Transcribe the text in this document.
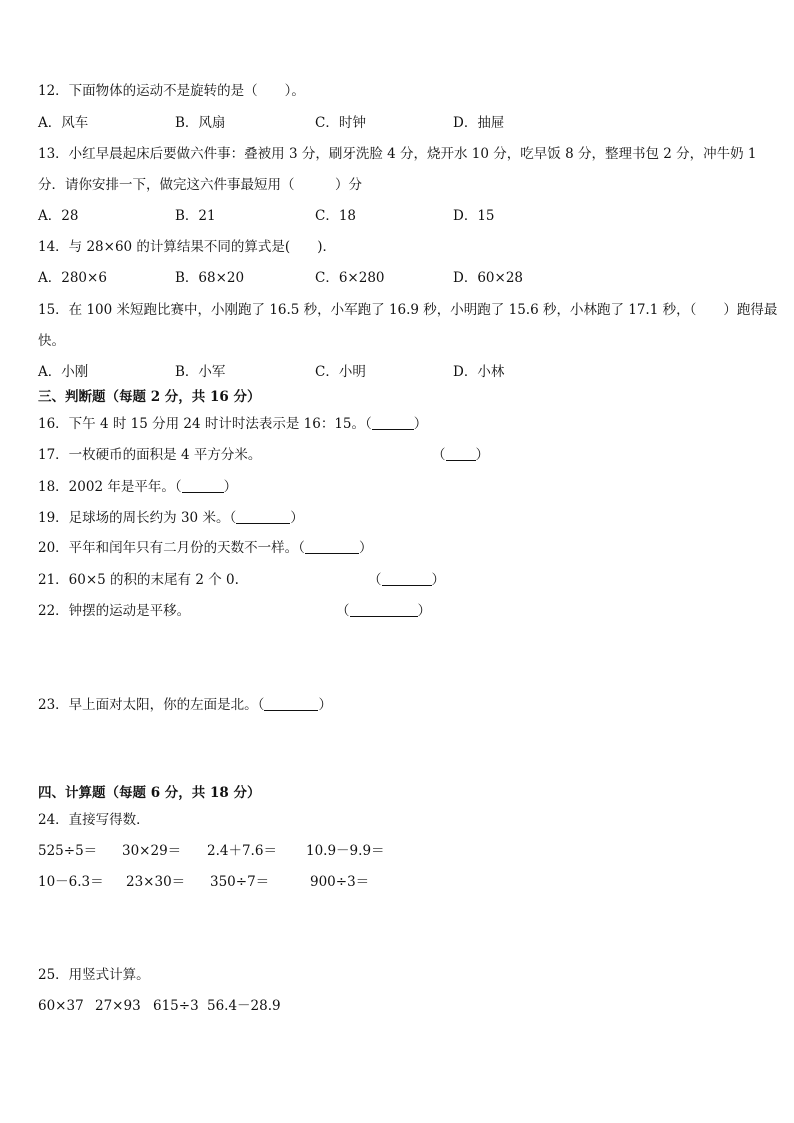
12．下面物体的运动不是旋转的是（　　）。
A．风车	B．风扇	C．时钟	D．抽屉
13．小红早晨起床后要做六件事：叠被用 3 分，刷牙洗脸 4 分，烧开水 10 分，吃早饭 8 分，整理书包 2 分，冲牛奶 1
分．请你安排一下，做完这六件事最短用（　　　）分
A．28	B．21	C．18	D．15
14．与 28×60 的计算结果不同的算式是(　　)．
A．280×6	B．68×20	C．6×280	D．60×28
15．在 100 米短跑比赛中，小刚跑了 16.5 秒，小军跑了 16.9 秒，小明跑了 15.6 秒，小林跑了 17.1 秒，（　　）跑得最
快。
A．小刚	B．小军	C．小明	D．小林
三、判断题（每题 2 分，共 16 分）
16．下午 4 时 15 分用 24 时计时法表示是 16：15。（	）
17．一枚硬币的面积是 4 平方分米。	（ ）
18．2002 年是平年。（	）
19．足球场的周长约为 30 米。（	）
20．平年和闰年只有二月份的天数不一样。（	）
21．60×5 的积的末尾有 2 个 0.	（	）
22．钟摆的运动是平移。	（	）
23．早上面对太阳，你的左面是北。（	）
四、计算题（每题 6 分，共 18 分）
24．直接写得数．
525÷5＝ 30×29＝ 2.4＋7.6＝ 10.9－9.9＝
10－6.3＝ 23×30＝ 350÷7＝	900÷3＝
25．用竖式计算。
60×37 27×93 615÷3 56.4－28.9
